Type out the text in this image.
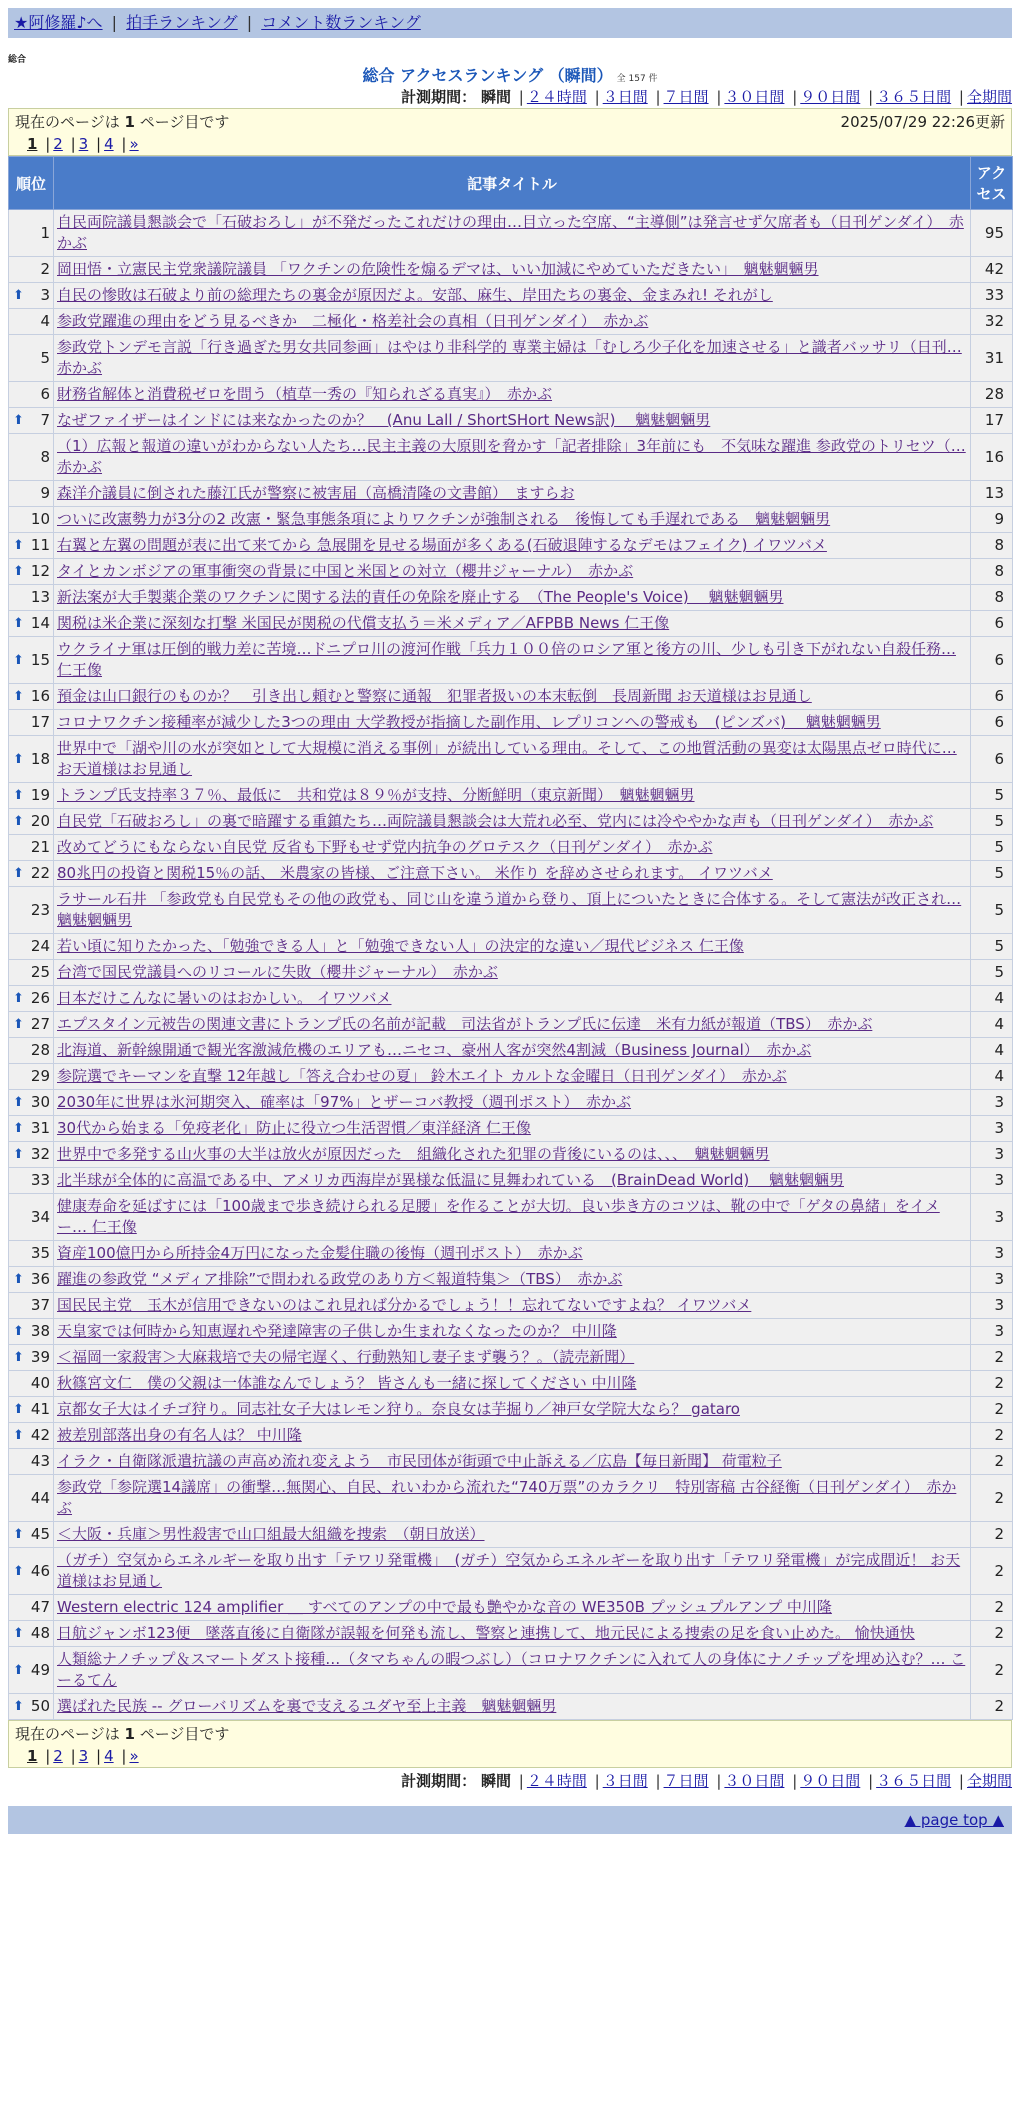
★阿修羅♪へ | 拍手ランキング | コメント数ランキング
総合
総合 アクセスランキング （瞬間） 全 157 件
計測期間： 瞬間 | ２４時間 | ３日間 | ７日間 | ３０日間 | ９０日間 | ３６５日間 | 全期間
現在のページは 1 ページ目です	2025/07/29 22:26更新
1 | 2 | 3 | 4 | »
順位	記事タイトル	アクセス
1	自民両院議員懇談会で「石破おろし」が不発だったこれだけの理由…目立った空席、“主導側”は発言せず欠席者も（日刊ゲンダイ）　赤かぶ	95
2	岡田悟・立憲民主党衆議院議員 「ワクチンの危険性を煽るデマは、いい加減にやめていただきたい」　魑魅魍魎男	42

⬆ 3	自民の惨敗は石破より前の総理たちの裏金が原因だよ。安部、麻生、岸田たちの裏金、金まみれ! それがし	33
4	参政党躍進の理由をどう見るべきか　二極化・格差社会の真相（日刊ゲンダイ）　赤かぶ	32
5	参政党トンデモ言説「行き過ぎた男女共同参画」はやはり非科学的 専業主婦は「むしろ少子化を加速させる」と識者バッサリ（日刊… 赤かぶ	31
6	財務省解体と消費税ゼロを問う（植草一秀の『知られざる真実』）　赤かぶ	28

⬆ 7	なぜファイザーはインドには来なかったのか？　(Anu Lall / ShortSHort News訳)　 魑魅魍魎男	17
8	（1）広報と報道の違いがわからない人たち…民主主義の大原則を脅かす「記者排除」3年前にも　不気味な躍進 参政党のトリセツ（… 赤かぶ	16
9	森洋介議員に倒された藤江氏が警察に被害届（高橋清隆の文書館）　ますらお	13
10	ついに改憲勢力が3分の2 改憲・緊急事態条項によりワクチンが強制される　後悔しても手遅れである　魑魅魍魎男	9

⬆ 11	右翼と左翼の問題が表に出て来てから 急展開を見せる場面が多くある(石破退陣するなデモはフェイク) イワツバメ	8

⬆ 12	タイとカンボジアの軍事衝突の背景に中国と米国との対立（櫻井ジャーナル）　赤かぶ	8
13	新法案が大手製薬企業のワクチンに関する法的責任の免除を廃止する　（The People's Voice)　 魑魅魍魎男	8

⬆ 14	関税は米企業に深刻な打撃 米国民が関税の代償支払う＝米メディア／AFPBB News 仁王像	6

⬆ 15	ウクライナ軍は圧倒的戦力差に苦境…ドニプロ川の渡河作戦「兵力１００倍のロシア軍と後方の川、少しも引き下がれない自殺任務… 仁王像	6

⬆ 16	預金は山口銀行のものか？　引き出し頼むと警察に通報　犯罪者扱いの本末転倒　長周新聞 お天道様はお見通し	6
17	コロナワクチン接種率が減少した3つの理由 大学教授が指摘した副作用、レプリコンへの警戒も　(ピンズバ)　 魑魅魍魎男	6

⬆ 18	世界中で「湖や川の水が突如として大規模に消える事例」が続出している理由。そして、この地質活動の異変は太陽黒点ゼロ時代に… お天道様はお見通し	6

⬆ 19	トランプ氏支持率３７％、最低に　共和党は８９％が支持、分断鮮明（東京新聞）　魑魅魍魎男	5

⬆ 20	自民党「石破おろし」の裏で暗躍する重鎮たち…両院議員懇談会は大荒れ必至、党内には冷ややかな声も（日刊ゲンダイ）　赤かぶ	5
21	改めてどうにもならない自民党 反省も下野もせず党内抗争のグロテスク（日刊ゲンダイ）　赤かぶ	5

⬆ 22	80兆円の投資と関税15％の話、 米農家の皆様、ご注意下さい。 米作り を辞めさせられます。 イワツバメ	5
23	ラサール石井 「参政党も自民党もその他の政党も、同じ山を違う道から登り、頂上についたときに合体する。そして憲法が改正され… 魑魅魍魎男	5
24	若い頃に知りたかった、「勉強できる人」と「勉強できない人」の決定的な違い／現代ビジネス 仁王像	5
25	台湾で国民党議員へのリコールに失敗（櫻井ジャーナル）　赤かぶ	5

⬆ 26	日本だけこんなに暑いのはおかしい。 イワツバメ	4

⬆ 27	エプスタイン元被告の関連文書にトランプ氏の名前が記載　司法省がトランプ氏に伝達　米有力紙が報道（TBS）　赤かぶ	4
28	北海道、新幹線開通で観光客激減危機のエリアも…ニセコ、豪州人客が突然4割減（Business Journal）　赤かぶ	4
29	参院選でキーマンを直撃 12年越し「答え合わせの夏」 鈴木エイト カルトな金曜日（日刊ゲンダイ）　赤かぶ	4

⬆ 30	2030年に世界は氷河期突入、確率は「97%」とザーコバ教授（週刊ポスト）　赤かぶ	3

⬆ 31	30代から始まる「免疫老化」防止に役立つ生活習慣／東洋経済 仁王像	3

⬆ 32	世界中で多発する山火事の大半は放火が原因だった　組織化された犯罪の背後にいるのは、、、　魑魅魍魎男	3
33	北半球が全体的に高温である中、アメリカ西海岸が異様な低温に見舞われている　(BrainDead World)　 魑魅魍魎男	3
34	健康寿命を延ばすには「100歳まで歩き続けられる足腰」を作ることが大切。良い歩き方のコツは、靴の中で「ゲタの鼻緒」をイメー… 仁王像	3
35	資産100億円から所持金4万円になった金髪住職の後悔（週刊ポスト）　赤かぶ	3

⬆ 36	躍進の参政党 “メディア排除”で問われる政党のあり方＜報道特集＞（TBS）　赤かぶ	3
37	国民民主党　玉木が信用できないのはこれ見れば分かるでしょう！！忘れてないですよね？ イワツバメ	3

⬆ 38	天皇家では何時から知恵遅れや発達障害の子供しか生まれなくなったのか？ 中川隆	3

⬆ 39	＜福岡一家殺害＞大麻栽培で夫の帰宅遅く、行動熟知し妻子まず襲う？。（読売新聞）	2
40	秋篠宮文仁　僕の父親は一体誰なんでしょう？ 皆さんも一緒に探してください 中川隆	2

⬆ 41	京都女子大はイチゴ狩り。同志社女子大はレモン狩り。奈良女は芋掘り／神戸女学院大なら？ gataro	2

⬆ 42	被差別部落出身の有名人は？ 中川隆	2
43	イラク・自衛隊派遣抗議の声高め流れ変えよう　市民団体が街頭で中止訴える／広島【毎日新聞】 荷電粒子	2
44	参政党「参院選14議席」の衝撃…無関心、自民、れいわから流れた“740万票”のカラクリ　特別寄稿 古谷経衡（日刊ゲンダイ）　赤かぶ	2

⬆ 45	＜大阪・兵庫＞男性殺害で山口組最大組織を捜索　（朝日放送）	2

⬆ 46	（ガチ）空気からエネルギーを取り出す「テワリ発電機」　(ガチ）空気からエネルギーを取り出す「テワリ発電機」が完成間近！ お天道様はお見通し	2
47	Western electric 124 amplifier ＿ すべてのアンプの中で最も艶やかな音の WE350B プッシュプルアンプ 中川隆	2

⬆ 48	日航ジャンボ123便　墜落直後に自衛隊が誤報を何発も流し、警察と連携して、地元民による捜索の足を食い止めた。 愉快通快	2

⬆ 49	人類総ナノチップ＆スマートダスト接種…（タマちゃんの暇つぶし）（コロナワクチンに入れて人の身体にナノチップを埋め込む？… こーるてん	2

⬆ 50	選ばれた民族 -- グローバリズムを裏で支えるユダヤ至上主義　魑魅魍魎男	2
現在のページは 1 ページ目です
1 | 2 | 3 | 4 | »
計測期間： 瞬間 | ２４時間 | ３日間 | ７日間 | ３０日間 | ９０日間 | ３６５日間 | 全期間
▲ page top ▲
